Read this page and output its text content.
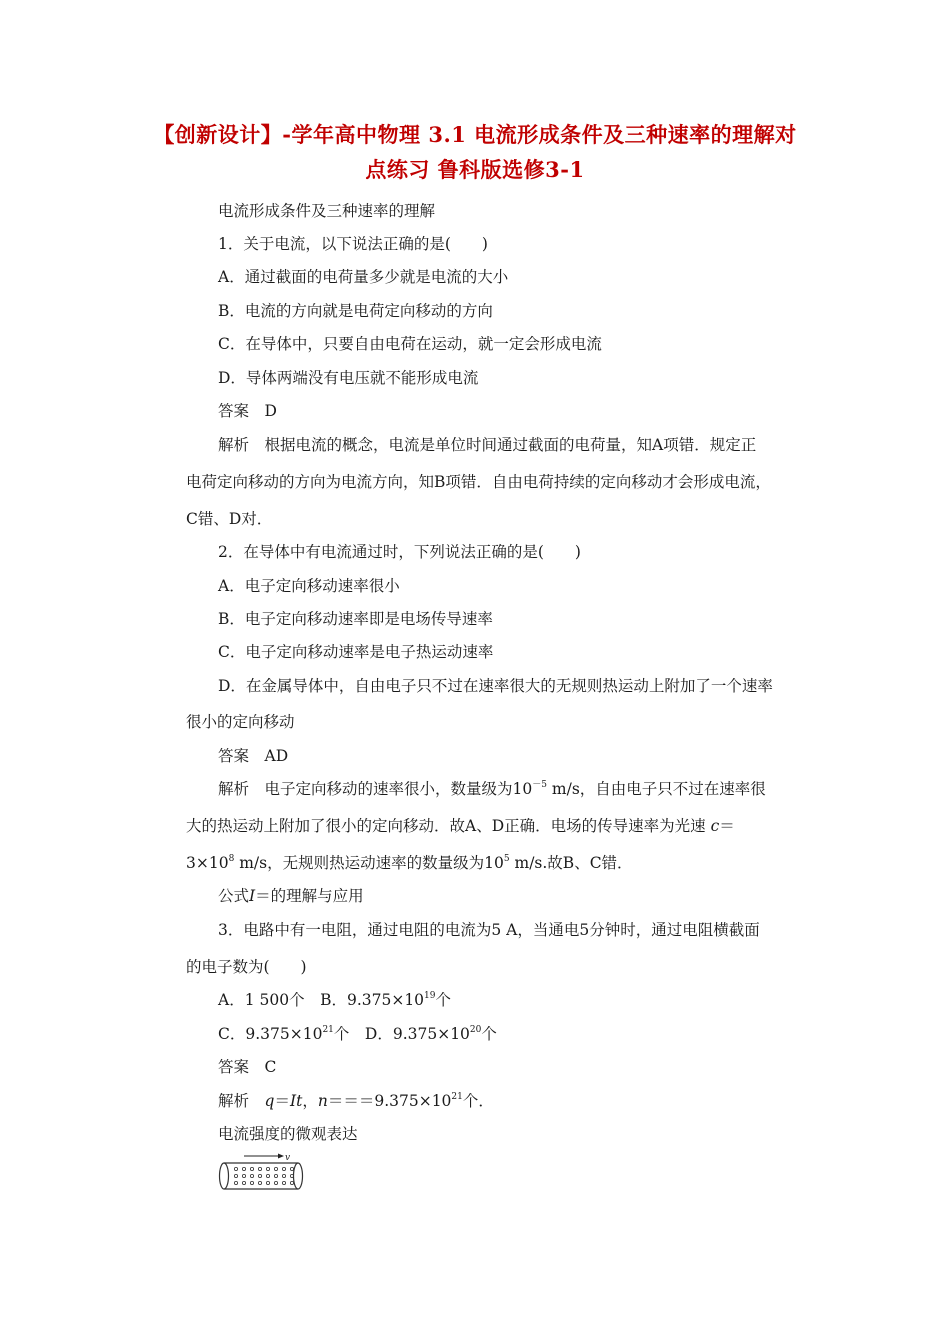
【创新设计】-学年高中物理 3.1 电流形成条件及三种速率的理解对
点练习 鲁科版选修3-1
电流形成条件及三种速率的理解
1．关于电流，以下说法正确的是(　　)
A．通过截面的电荷量多少就是电流的大小
B．电流的方向就是电荷定向移动的方向
C．在导体中，只要自由电荷在运动，就一定会形成电流
D．导体两端没有电压就不能形成电流
答案　D
解析　根据电流的概念，电流是单位时间通过截面的电荷量，知A项错．规定正
电荷定向移动的方向为电流方向，知B项错．自由电荷持续的定向移动才会形成电流，
C错、D对．
2．在导体中有电流通过时，下列说法正确的是(　　)
A．电子定向移动速率很小
B．电子定向移动速率即是电场传导速率
C．电子定向移动速率是电子热运动速率
D．在金属导体中，自由电子只不过在速率很大的无规则热运动上附加了一个速率
很小的定向移动
答案　AD
解析　电子定向移动的速率很小，数量级为$10^{-5}$ m/s，自由电子只不过在速率很
大的热运动上附加了很小的定向移动．故A、D正确．电场的传导速率为光速 c＝
$3\times 10^8$ m/s，无规则热运动速率的数量级为$10^5$ m/s.故B、C错．
公式I＝的理解与应用
3．电路中有一电阻，通过电阻的电流为5 A，当通电5分钟时，通过电阻横截面
的电子数为(　　)
A．1 500个　B．$9.375\times 10^{19}$个
C．$9.375\times 10^{21}$个　D．$9.375\times 10^{20}$个
答案　C
解析　q＝It，$n===9.375\times 10^{21}$个．
电流强度的微观表达
v
